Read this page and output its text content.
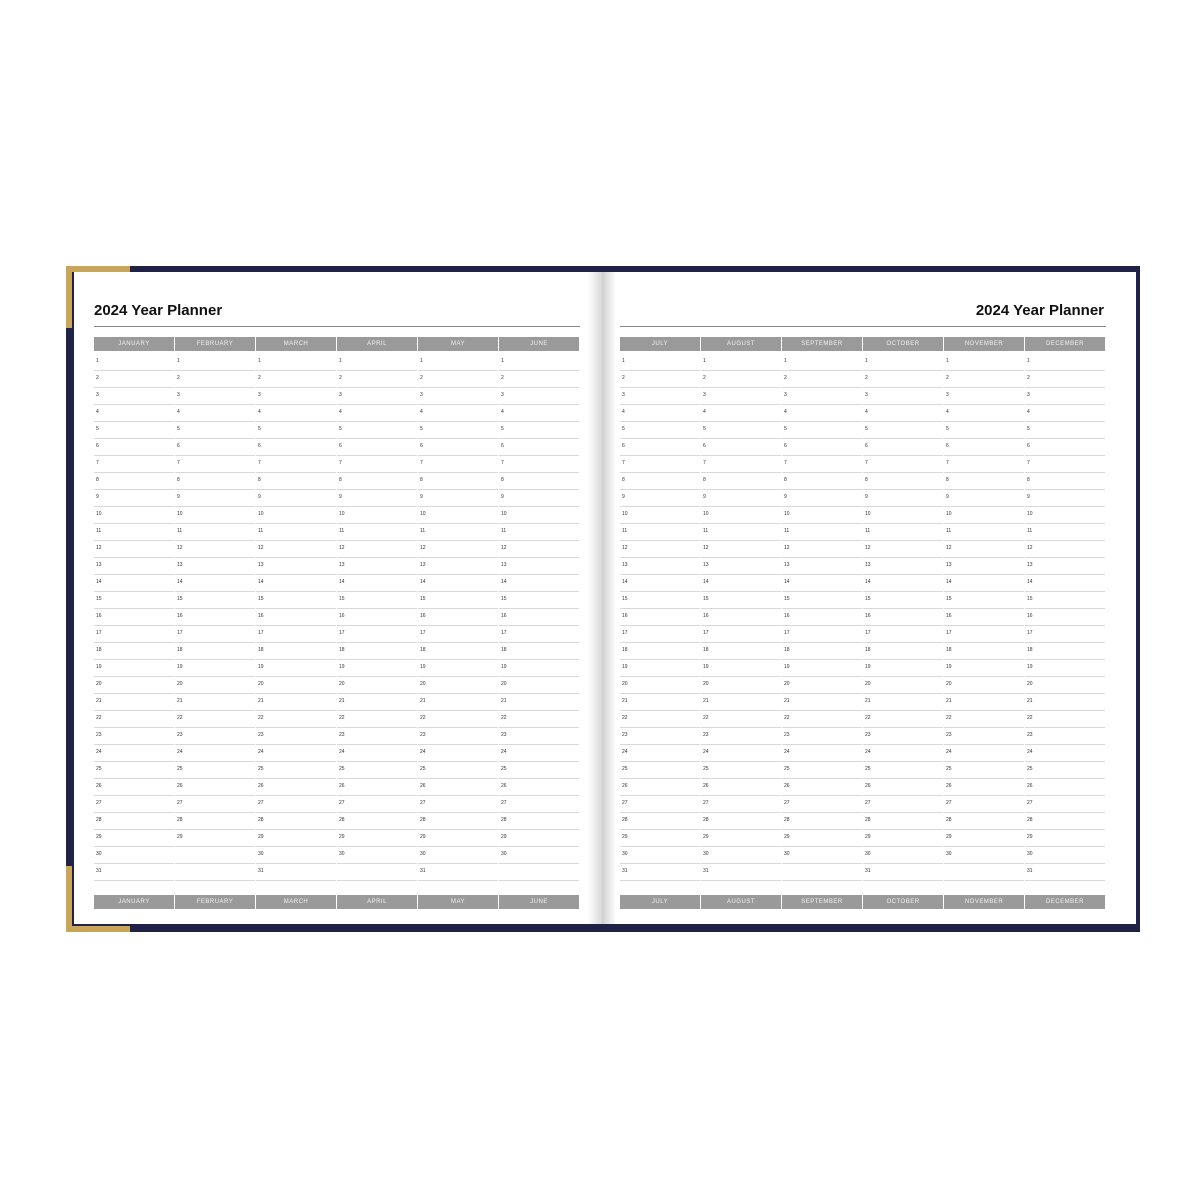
2024 Year Planner	2024 Year Planner
JANUARY
JANUARY
1
2
3
4
5
6
7
8
9
10
11
12
13
14
15
16
17
18
19
20
21
22
23
24
25
26
27
28
29
30
31
FEBRUARY
FEBRUARY
1
2
3
4
5
6
7
8
9
10
11
12
13
14
15
16
17
18
19
20
21
22
23
24
25
26
27
28
29
MARCH
MARCH
1
2
3
4
5
6
7
8
9
10
11
12
13
14
15
16
17
18
19
20
21
22
23
24
25
26
27
28
29
30
31
APRIL
APRIL
1
2
3
4
5
6
7
8
9
10
11
12
13
14
15
16
17
18
19
20
21
22
23
24
25
26
27
28
29
30
MAY
MAY
1
2
3
4
5
6
7
8
9
10
11
12
13
14
15
16
17
18
19
20
21
22
23
24
25
26
27
28
29
30
31
JUNE
JUNE
1
2
3
4
5
6
7
8
9
10
11
12
13
14
15
16
17
18
19
20
21
22
23
24
25
26
27
28
29
30
JULY
JULY
1
2
3
4
5
6
7
8
9
10
11
12
13
14
15
16
17
18
19
20
21
22
23
24
25
26
27
28
29
30
31
AUGUST
AUGUST
1
2
3
4
5
6
7
8
9
10
11
12
13
14
15
16
17
18
19
20
21
22
23
24
25
26
27
28
29
30
31
SEPTEMBER
SEPTEMBER
1
2
3
4
5
6
7
8
9
10
11
12
13
14
15
16
17
18
19
20
21
22
23
24
25
26
27
28
29
30
OCTOBER
OCTOBER
1
2
3
4
5
6
7
8
9
10
11
12
13
14
15
16
17
18
19
20
21
22
23
24
25
26
27
28
29
30
31
NOVEMBER
NOVEMBER
1
2
3
4
5
6
7
8
9
10
11
12
13
14
15
16
17
18
19
20
21
22
23
24
25
26
27
28
29
30
DECEMBER
DECEMBER
1
2
3
4
5
6
7
8
9
10
11
12
13
14
15
16
17
18
19
20
21
22
23
24
25
26
27
28
29
30
31
